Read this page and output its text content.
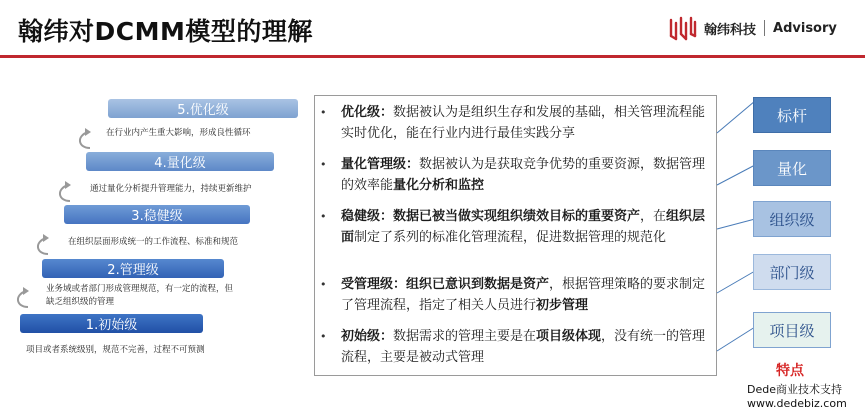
翰纬对DCMM模型的理解	翰纬科技 Advisory
5.优化级
在行业内产生重大影响，形成良性循环
4.量化级
通过量化分析提升管理能力，持续更新维护
3.稳健级
在组织层面形成统一的工作流程、标准和规范
2.管理级
业务域或者部门形成管理规范，有一定的流程，但
缺乏组织级的管理
1.初始级
项目或者系统级别，规范不完善，过程不可预测
• 优化级：数据被认为是组织生存和发展的基础，相关管理流程能实时优化，能在行业内进行最佳实践分享
• 量化管理级：数据被认为是获取竞争优势的重要资源，数据管理的效率能量化分析和监控
• 稳健级：数据已被当做实现组织绩效目标的重要资产，在组织层面制定了系列的标准化管理流程，促进数据管理的规范化
• 受管理级：组织已意识到数据是资产，根据管理策略的要求制定了管理流程，指定了相关人员进行初步管理
• 初始级：数据需求的管理主要是在项目级体现，没有统一的管理流程，主要是被动式管理
标杆
量化
组织级
部门级
项目级
特点
Dede商业技术支持
www.dedebiz.com
